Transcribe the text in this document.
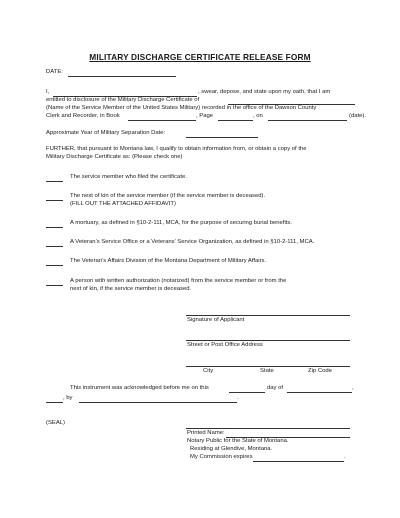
MILITARY DISCHARGE CERTIFICATE RELEASE FORM
DATE:
I,	, swear, depose, and state upon my oath, that I am
entitled to disclosure of the Military Discharge Certificate of
(Name of the Service Member of the United States Military) recorded in the office of the Dawson County
Clerk and Recorder, in Book	, Page	, on	(date).
Approximate Year of Military Separation Date:
FURTHER, that pursuant to Montana law, I qualify to obtain information from, or obtain a copy of the
Military Discharge Certificate as: (Please check one)
The service member who filed the certificate.
The next of kin of the service member (if the service member is deceased).
(FILL OUT THE ATTACHED AFFIDAVIT)
A mortuary, as defined in §10-2-111, MCA, for the purpose of securing burial benefits.
A Veteran’s Service Office or a Veterans’ Service Organization, as defined in §10-2-111, MCA.
The Veteran’s Affairs Division of the Montana Department of Military Affairs.
A person with written authorization (notarized) from the service member or from the
next of kin, if the service member is deceased.
Signature of Applicant
Street or Post Office Address
City	State	Zip Code
This instrument was acknowledged before me on this	day of	,
, by	.
(SEAL)
Printed Name:
Notary Public for the State of Montana.
Residing at Glendive, Montana.
My Commission expires	.
